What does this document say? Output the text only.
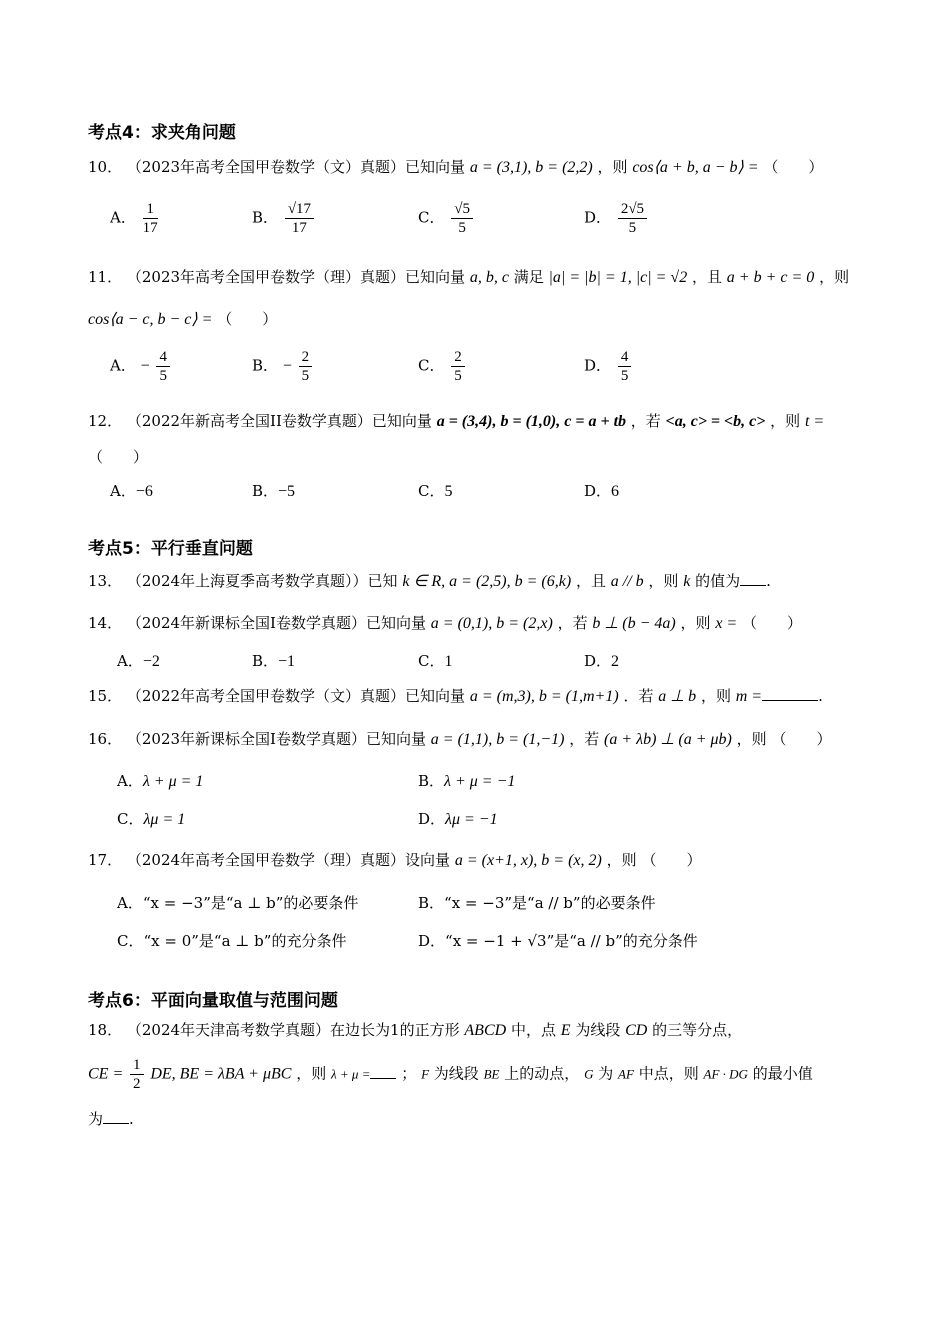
考点4：求夹角问题
10． （2023年高考全国甲卷数学（文）真题）已知向量 a = (3,1), b = (2,2) ，则 cos⟨a + b, a − b⟩ = （　　）
A． $\frac{1}{17}$	B． $\frac{√17}{17}$	C． $\frac{√5}{5}$	D． $\frac{2√5}{5}$
11． （2023年高考全国甲卷数学（理）真题）已知向量 a, b, c 满足 |a| = |b| = 1, |c| = √2 ，且 a + b + c = 0 ，则
cos⟨a − c, b − c⟩ = （　　）
A． − $\frac{4}{5}$	B． − $\frac{2}{5}$	C． $\frac{2}{5}$	D． $\frac{4}{5}$
12． （2022年新高考全国II卷数学真题）已知向量 a = (3,4), b = (1,0), c = a + tb ，若 <a, c> = <b, c> ，则 t =
（　　）
A．−6	B．−5	C．5	D．6
考点5：平行垂直问题
13． （2024年上海夏季高考数学真题））已知 k ∈ R, a = (2,5), b = (6,k) ，且 a // b ，则 k 的值为 .
14． （2024年新课标全国Ⅰ卷数学真题）已知向量 a = (0,1), b = (2,x) ，若 b ⊥ (b − 4a) ，则 x = （　　）
A．−2	B．−1	C．1	D．2
15． （2022年高考全国甲卷数学（文）真题）已知向量 a = (m,3), b = (1,m+1) ．若 a ⊥ b ，则 m =	.
16． （2023年新课标全国Ⅰ卷数学真题）已知向量 a = (1,1), b = (1,−1) ，若 (a + λb) ⊥ (a + μb) ，则 （　　）
A．λ + μ = 1	B．λ + μ = −1
C．λμ = 1	D．λμ = −1
17． （2024年高考全国甲卷数学（理）真题）设向量 a = (x+1, x), b = (x, 2) ，则 （　　）
A．“x = −3”是“a ⊥ b”的必要条件	B．“x = −3”是“a // b”的必要条件
C．“x = 0”是“a ⊥ b”的充分条件	D．“x = −1 + √3”是“a // b”的充分条件
考点6：平面向量取值与范围问题
18． （2024年天津高考数学真题）在边长为1的正方形 ABCD 中，点 E 为线段 CD 的三等分点，
CE = $\frac{1}{2}$ DE, BE = λBA + μBC ，则 λ + μ = ； F 为线段 BE 上的动点， G 为 AF 中点，则 AF · DG 的最小值
为 .
